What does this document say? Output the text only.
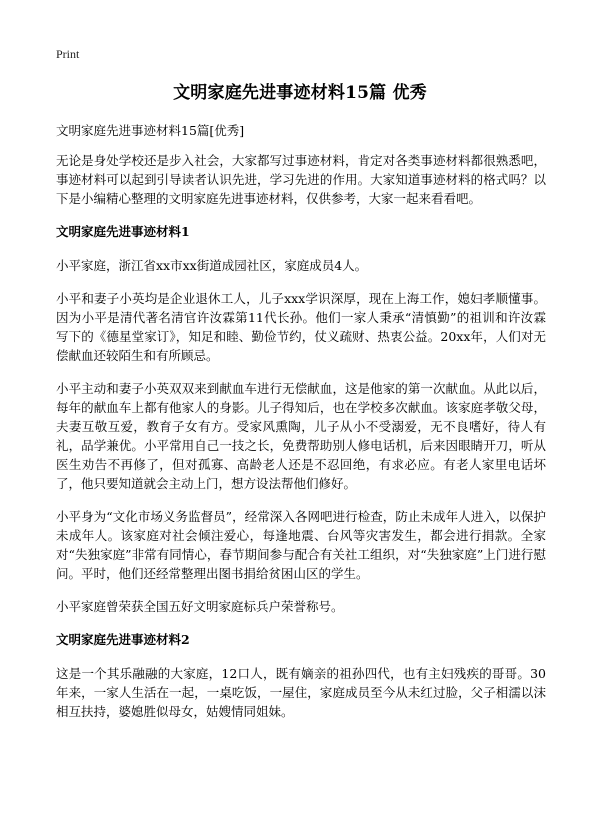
Print
文明家庭先进事迹材料15篇 优秀

文明家庭先进事迹材料15篇[优秀]

无论是身处学校还是步入社会，大家都写过事迹材料，肯定对各类事迹材料都很熟悉吧，事迹材料可以起到引导读者认识先进，学习先进的作用。大家知道事迹材料的格式吗？以下是小编精心整理的文明家庭先进事迹材料，仅供参考，大家一起来看看吧。

文明家庭先进事迹材料1

小平家庭，浙江省xx市xx街道成园社区，家庭成员4人。

小平和妻子小英均是企业退休工人，儿子xxx学识深厚，现在上海工作，媳妇孝顺懂事。因为小平是清代著名清官许汝霖第11代长孙。他们一家人秉承“清慎勤”的祖训和许汝霖写下的《德星堂家订》，知足和睦、勤俭节约，仗义疏财、热衷公益。20xx年，人们对无偿献血还较陌生和有所顾忌。

小平主动和妻子小英双双来到献血车进行无偿献血，这是他家的第一次献血。从此以后，每年的献血车上都有他家人的身影。儿子得知后，也在学校多次献血。该家庭孝敬父母，夫妻互敬互爱，教育子女有方。受家风熏陶，儿子从小不受溺爱，无不良嗜好，待人有礼，品学兼优。小平常用自己一技之长，免费帮助别人修电话机，后来因眼睛开刀，听从医生劝告不再修了，但对孤寡、高龄老人还是不忍回绝，有求必应。有老人家里电话坏了，他只要知道就会主动上门，想方设法帮他们修好。

小平身为“文化市场义务监督员”，经常深入各网吧进行检查，防止未成年人进入，以保护未成年人。该家庭对社会倾注爱心，每逢地震、台风等灾害发生，都会进行捐款。全家对“失独家庭”非常有同情心，春节期间参与配合有关社工组织，对“失独家庭”上门进行慰问。平时，他们还经常整理出图书捐给贫困山区的学生。

小平家庭曾荣获全国五好文明家庭标兵户荣誉称号。

文明家庭先进事迹材料2

这是一个其乐融融的大家庭，12口人，既有嫡亲的祖孙四代，也有主妇残疾的哥哥。30年来，一家人生活在一起，一桌吃饭，一屋住，家庭成员至今从未红过脸，父子相濡以沫相互扶持，婆媳胜似母女，姑嫂情同姐妹。
